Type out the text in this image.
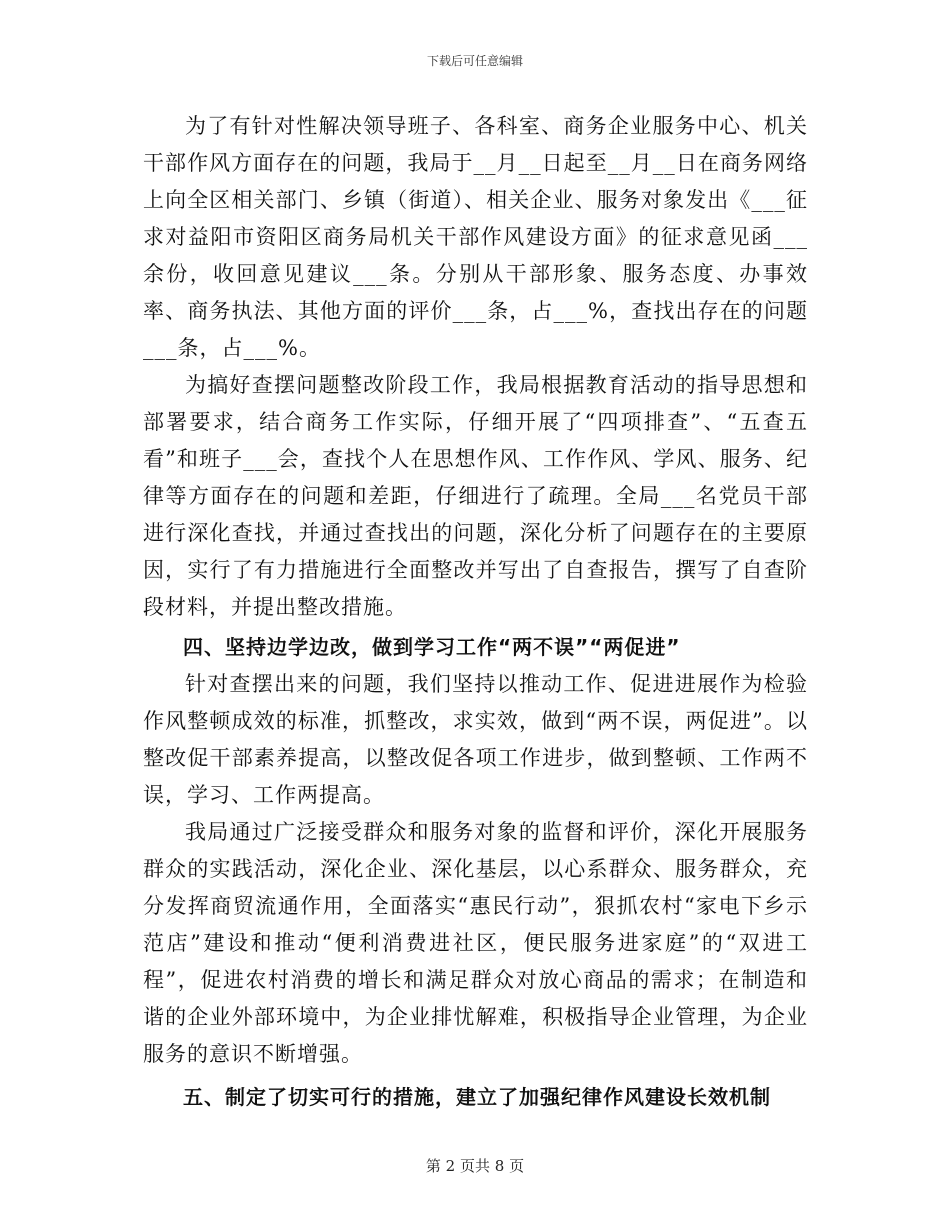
下载后可任意编辑

为了有针对性解决领导班子、各科室、商务企业服务中心、机关干部作风方面存在的问题，我局于__月__日起至__月__日在商务网络上向全区相关部门、乡镇（街道）、相关企业、服务对象发出《___征求对益阳市资阳区商务局机关干部作风建设方面》的征求意见函___余份，收回意见建议___条。分别从干部形象、服务态度、办事效率、商务执法、其他方面的评价___条，占___%，查找出存在的问题___条，占___%。

为搞好查摆问题整改阶段工作，我局根据教育活动的指导思想和部署要求，结合商务工作实际，仔细开展了“四项排查”、“五查五看”和班子___会，查找个人在思想作风、工作作风、学风、服务、纪律等方面存在的问题和差距，仔细进行了疏理。全局___名党员干部进行深化查找，并通过查找出的问题，深化分析了问题存在的主要原因，实行了有力措施进行全面整改并写出了自查报告，撰写了自查阶段材料，并提出整改措施。

四、坚持边学边改，做到学习工作“两不误”“两促进”

针对查摆出来的问题，我们坚持以推动工作、促进进展作为检验作风整顿成效的标准，抓整改，求实效，做到“两不误，两促进”。以整改促干部素养提高，以整改促各项工作进步，做到整顿、工作两不误，学习、工作两提高。

我局通过广泛接受群众和服务对象的监督和评价，深化开展服务群众的实践活动，深化企业、深化基层，以心系群众、服务群众，充分发挥商贸流通作用，全面落实“惠民行动”，狠抓农村“家电下乡示范店”建设和推动“便利消费进社区，便民服务进家庭”的“双进工程”，促进农村消费的增长和满足群众对放心商品的需求；在制造和谐的企业外部环境中，为企业排忧解难，积极指导企业管理，为企业服务的意识不断增强。

五、制定了切实可行的措施，建立了加强纪律作风建设长效机制

第 2 页共 8 页
